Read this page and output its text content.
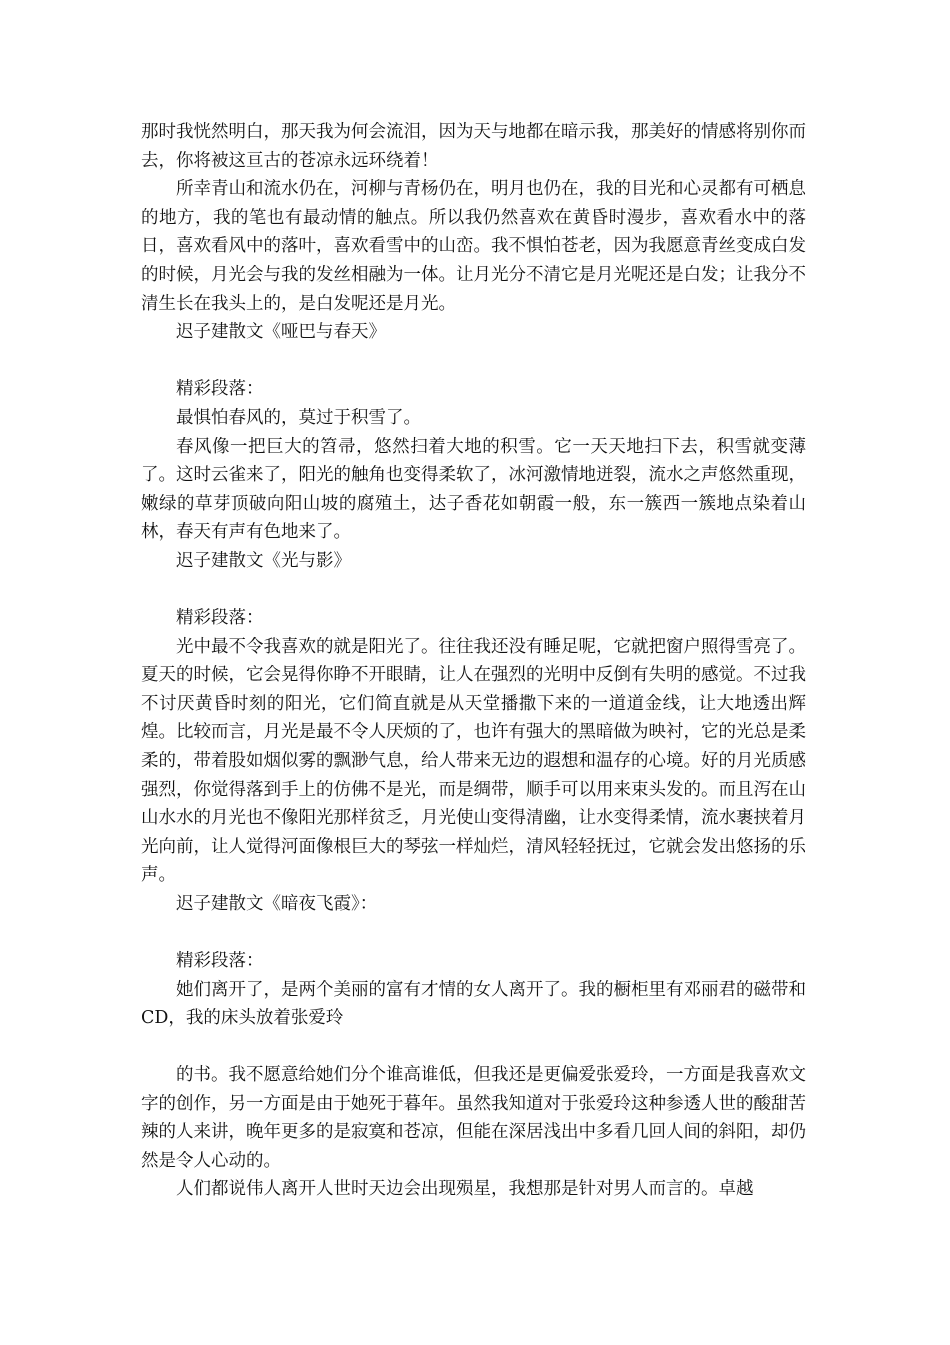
那时我恍然明白，那天我为何会流泪，因为天与地都在暗示我，那美好的情感将别你而去，你将被这亘古的苍凉永远环绕着！

所幸青山和流水仍在，河柳与青杨仍在，明月也仍在，我的目光和心灵都有可栖息的地方，我的笔也有最动情的触点。所以我仍然喜欢在黄昏时漫步，喜欢看水中的落日，喜欢看风中的落叶，喜欢看雪中的山峦。我不惧怕苍老，因为我愿意青丝变成白发的时候，月光会与我的发丝相融为一体。让月光分不清它是月光呢还是白发；让我分不清生长在我头上的，是白发呢还是月光。

迟子建散文《哑巴与春天》

精彩段落：

最惧怕春风的，莫过于积雪了。

春风像一把巨大的笤帚，悠然扫着大地的积雪。它一天天地扫下去，积雪就变薄了。这时云雀来了，阳光的触角也变得柔软了，冰河激情地迸裂，流水之声悠然重现，嫩绿的草芽顶破向阳山坡的腐殖土，达子香花如朝霞一般，东一簇西一簇地点染着山林，春天有声有色地来了。

迟子建散文《光与影》

精彩段落：

光中最不令我喜欢的就是阳光了。往往我还没有睡足呢，它就把窗户照得雪亮了。夏天的时候，它会晃得你睁不开眼睛，让人在强烈的光明中反倒有失明的感觉。不过我不讨厌黄昏时刻的阳光，它们简直就是从天堂播撒下来的一道道金线，让大地透出辉煌。比较而言，月光是最不令人厌烦的了，也许有强大的黑暗做为映衬，它的光总是柔柔的，带着股如烟似雾的飘渺气息，给人带来无边的遐想和温存的心境。好的月光质感强烈，你觉得落到手上的仿佛不是光，而是绸带，顺手可以用来束头发的。而且泻在山山水水的月光也不像阳光那样贫乏，月光使山变得清幽，让水变得柔情，流水裹挟着月光向前，让人觉得河面像根巨大的琴弦一样灿烂，清风轻轻抚过，它就会发出悠扬的乐声。

迟子建散文《暗夜飞霞》：

精彩段落：

她们离开了，是两个美丽的富有才情的女人离开了。我的橱柜里有邓丽君的磁带和CD，我的床头放着张爱玲

的书。我不愿意给她们分个谁高谁低，但我还是更偏爱张爱玲，一方面是我喜欢文字的创作，另一方面是由于她死于暮年。虽然我知道对于张爱玲这种参透人世的酸甜苦辣的人来讲，晚年更多的是寂寞和苍凉，但能在深居浅出中多看几回人间的斜阳，却仍然是令人心动的。

人们都说伟人离开人世时天边会出现殒星，我想那是针对男人而言的。卓越
